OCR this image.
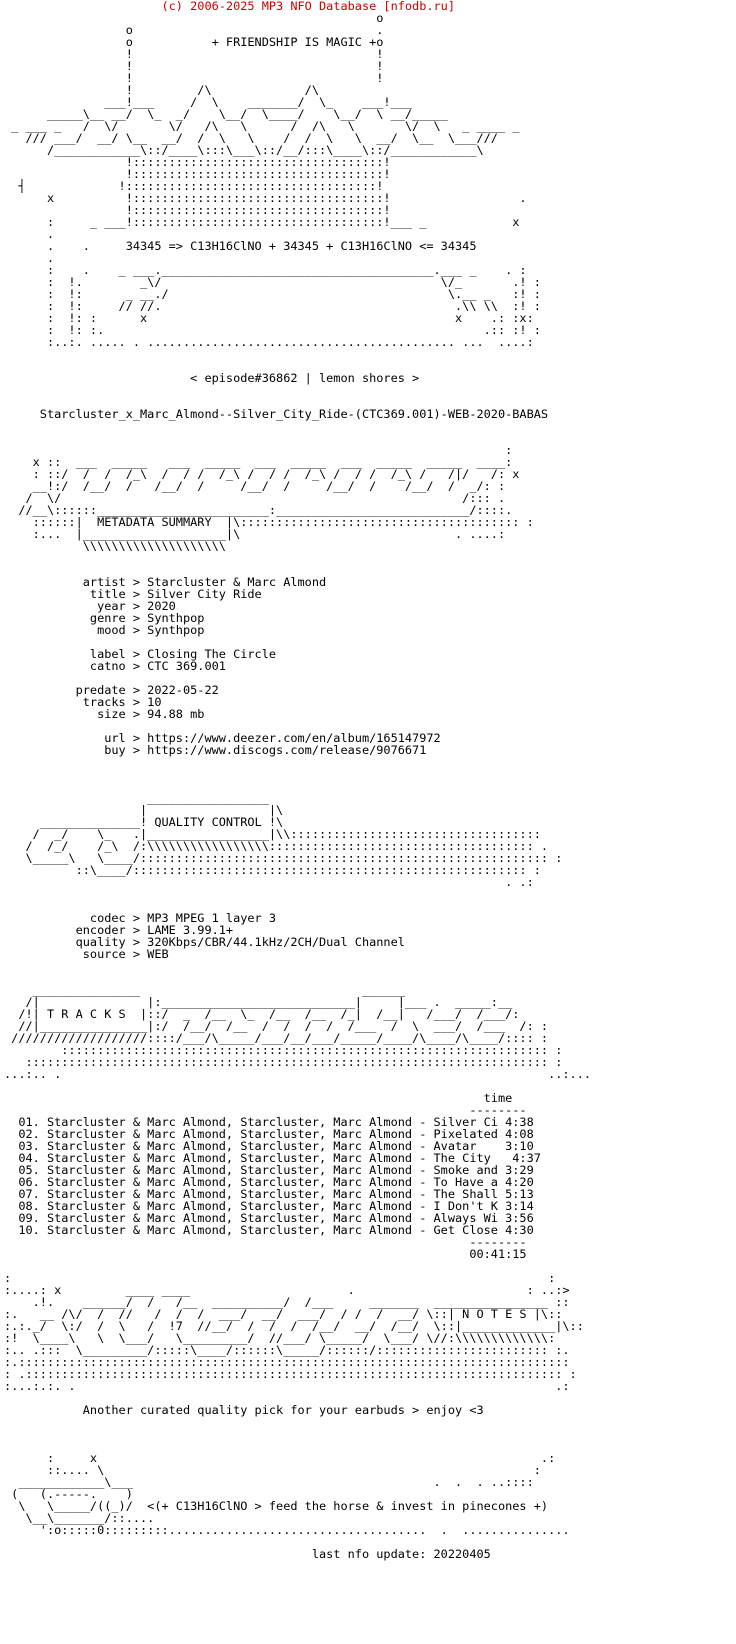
(c) 2006-2025 MP3 NFO Database [nfodb.ru]
o
o                                  .
o           + FRIENDSHIP IS MAGIC +o
!                                  !
!                                  !
!                                  !
!         /\             /\
___!___     /  \    _______/  \_    ___!___
_____\__ __/  \_  _/    \__/  \____/    \__/  \ __/_____
_ ___ _   /  \/       \/   /\   \      /  /\   \       \/  \   _ ____ _
/// ___/  __/ \__  __/  /  \   \    /  /  \   \  __/  \__  \___///
/____________\::/____\:::\___\::/__/:::\____\::/____________\
!:::::::::::::::::::::::::::::::::::!
!:::::::::::::::::::::::::::::::::::!
┤             !:::::::::::::::::::::::::::::::::::!
x          !:::::::::::::::::::::::::::::::::::!                  .
!:::::::::::::::::::::::::::::::::::!
:     _ ___!:::::::::::::::::::::::::::::::::::!___ _            x
.
.    .     34345 => C13H16ClNO + 34345 + C13H16ClNO <= 34345
.
:    .    _ ___.______________________________________.___ _    . :
:  !.        _\/                                       \/_       .! :
:  !:      _ __./                                       \.__ _   :! :
:  !:     // //.                                         .\\ \\  :! :
:  !: :      x                                           x    .: :x:
:  !: :.                                                     .:: :! :
:..:. ..... . ........................................... ...  ....:

< episode#36862 | lemon shores >

Starcluster_x_Marc_Almond--Silver_City_Ride-(CTC369.001)-WEB-2020-BABAS

:
x ::  ___  _____   ___  _____  ___  _____  ___  _____  _____  ____:
: ::/  /  /  /_\  /  / /  /_\ /  / /  /_\ /  / /  /_\ /   /|/   /: x
__!:/  /__/  /   /__/  /     /__/  /     /__/  /    /__/  /  _/: :
/  \/                                                        /::: .
//__\::::::________________________:___________________________/::::.
::::::|  METADATA SUMMARY  |\::::::::::::::::::::::::::::::::::::::: :
:...  |____________________|\                              . ....:
\\\\\\\\\\\\\\\\\\\\

artist > Starcluster & Marc Almond
title > Silver City Ride
year > 2020
genre > Synthpop
mood > Synthpop

label > Closing The Circle
catno > CTC 369.001

predate > 2022-05-22
tracks > 10
size > 94.88 mb

url > https://www.deezer.com/en/album/165147972
buy > https://www.discogs.com/release/9076671

_________________
|                 |\
______________! QUALITY CONTROL !\
/  _/    \_   .|_________________|\\:::::::::::::::::::::::::::::::::::
/  /_/    /_\  /:\\\\\\\\\\\\\\\\\::::::::::::::::::::::::::::::::::::: .
\_____\   \____/::::::::::::::::::::::::::::::::::::::::::::::::::::::::: :
::\____/::::::::::::::::::::::::::::::::::::::::::::::::::::::: :
. .:

codec > MP3 MPEG 1 layer 3
encoder > LAME 3.99.1+
quality > 320Kbps/CBR/44.1kHz/2CH/Dual Channel
source > WEB

_______________                               ______
/|               |:___________________________|     |___ .  _____:__
/!| T R A C K S  |::/  _  /__  \_  /__  /__  /_|  /__|   /___/  /___/:
//|_______________|:/  /__/  /__  /  /  /  /  /___  /  \  ___/  /___  /: :
///////////////////::::/___/\_____/___/__/___/_____/____/\____/\____/:::: :
:::::::::::::::::::::::::::::::::::::::::::::::::::::::::::::::::::: :
::::::::::::::::::::::::::::::::::::::::::::::::::::::::::::::::::::::::: :
...:.. .                                                                    ..:...

time
--------
01. Starcluster & Marc Almond, Starcluster, Marc Almond - Silver Ci 4:38
02. Starcluster & Marc Almond, Starcluster, Marc Almond - Pixelated 4:08
03. Starcluster & Marc Almond, Starcluster, Marc Almond - Avatar    3:10
04. Starcluster & Marc Almond, Starcluster, Marc Almond - The City   4:37
05. Starcluster & Marc Almond, Starcluster, Marc Almond - Smoke and 3:29
06. Starcluster & Marc Almond, Starcluster, Marc Almond - To Have a 4:20
07. Starcluster & Marc Almond, Starcluster, Marc Almond - The Shall 5:13
08. Starcluster & Marc Almond, Starcluster, Marc Almond - I Don't K 3:14
09. Starcluster & Marc Almond, Starcluster, Marc Almond - Always Wi 3:56
10. Starcluster & Marc Almond, Starcluster, Marc Almond - Get Close 4:30
--------
00:41:15

:                                                                           :
:....: x         ____ ____                      .                        : ..:>
.!.    ______/  /   /__  __________/  /___     _______  ________________ ::
:.   __ /\/  /  //   /  /  /  ___/  __/  ___/  / /  /  __/ \::| N O T E S |\::
:.:._/  \:/  /  \   /  !7  //__/  /  /  /  /__/  __/  /__/  \::|_____________|\::
:!  \____\   \  \___/   \_________/  //___/ \_____/  \___/ \//:\\\\\\\\\\\\\:
:.. .:::  \_________/:::::\____/::::::\_____/::::::/:::::::::::::::::::::::: :.
:.:::::::::::::::::::::::::::::::::::::::::::::::::::::::::::::::::::::::::::::
: .::::::::::::::::::::::::::::::::::::::::::::::::::::::::::::::::::::::::::: :
:...:.:. .                                                                   .:

Another curated quality pick for your earbuds > enjoy <3

:     x                                                              .:
::.... \                                                            :
____________\___                                          .  .  . ..::::
(   (.-----.    )
\   \_____/((_)/  <(+ C13H16ClNO > feed the horse & invest in pinecones +)
\__\_______/::....
':o:::::0:::::::::....................................  .  ...............

last nfo update: 20220405
